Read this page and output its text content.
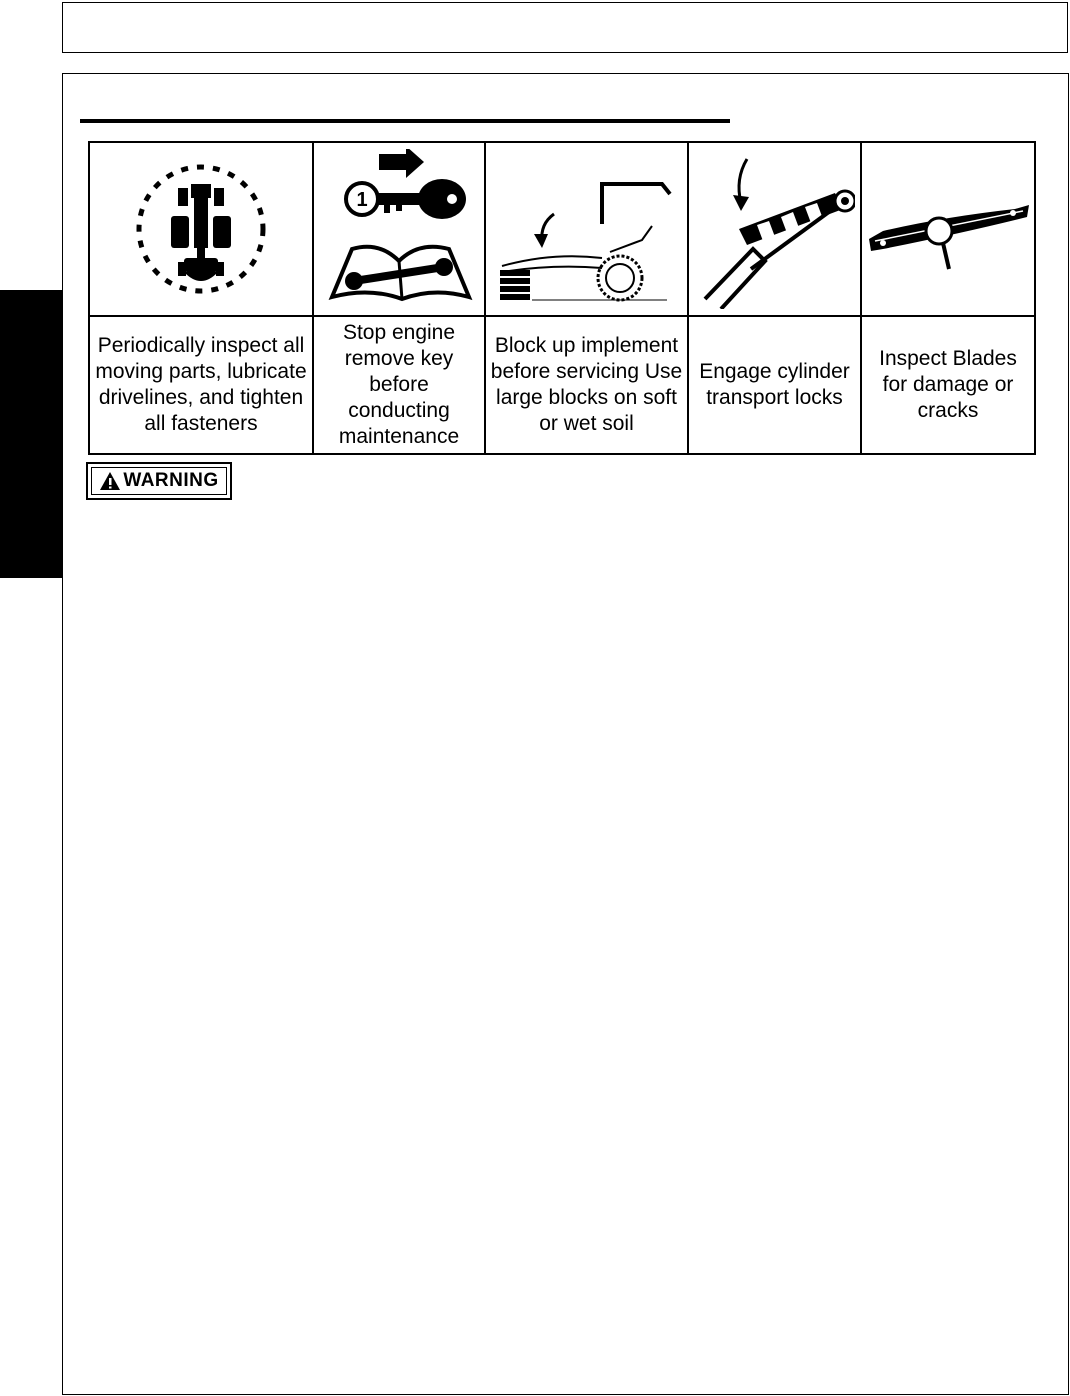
1

Periodically inspect all moving parts, lubricate drivelines, and tighten all fasteners	Stop engine remove key before conducting maintenance	Block up implement before servicing Use large blocks on soft or wet soil	Engage cylinder transport locks	Inspect Blades for damage or cracks
WARNING
